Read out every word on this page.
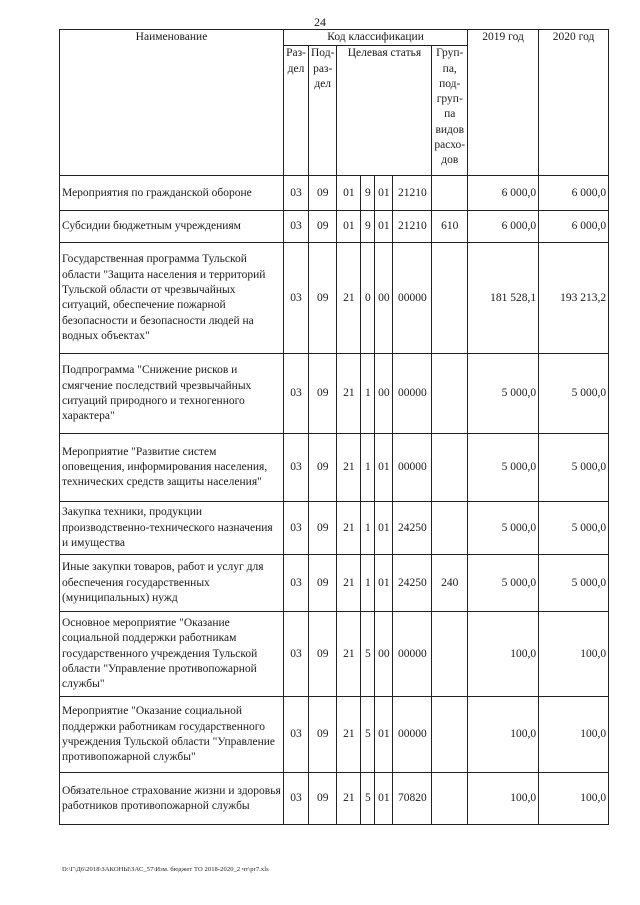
24
Наименование	Код классификации							2019 год	2020 год
	Раз-дел	Под-раз-дел	Целевая статья				Груп-па, под-груп-па видов расхо-дов		
Мероприятия по гражданской обороне	03	09	01	9	01	21210		6 000,0	6 000,0
Субсидии бюджетным учреждениям	03	09	01	9	01	21210	610	6 000,0	6 000,0
Государственная программа Тульской области "Защита населения и территорий Тульской области от чрезвычайных ситуаций, обеспечение пожарной безопасности и безопасности людей на водных объектах"	03	09	21	0	00	00000		181 528,1	193 213,2
Подпрограмма "Снижение рисков и смягчение последствий чрезвычайных ситуаций природного и техногенного характера"	03	09	21	1	00	00000		5 000,0	5 000,0
Мероприятие "Развитие систем оповещения, информирования населения, технических средств защиты населения"	03	09	21	1	01	00000		5 000,0	5 000,0
Закупка техники, продукции производственно-технического назначения и имущества	03	09	21	1	01	24250		5 000,0	5 000,0
Иные закупки товаров, работ и услуг для обеспечения государственных (муниципальных) нужд	03	09	21	1	01	24250	240	5 000,0	5 000,0
Основное мероприятие "Оказание социальной поддержки работникам государственного учреждения Тульской области "Управление противопожарной службы"	03	09	21	5	00	00000		100,0	100,0
Мероприятие "Оказание социальной поддержки работникам государственного учреждения Тульской области "Управление противопожарной службы"	03	09	21	5	01	00000		100,0	100,0
Обязательное страхование жизни и здоровья работников противопожарной службы	03	09	21	5	01	70820		100,0	100,0
D:\Г\Д6\2018\ЗАКОНЫ\ЗАС_57\Изм. бюджет ТО 2018-2020_2 чт\pr7.xls
